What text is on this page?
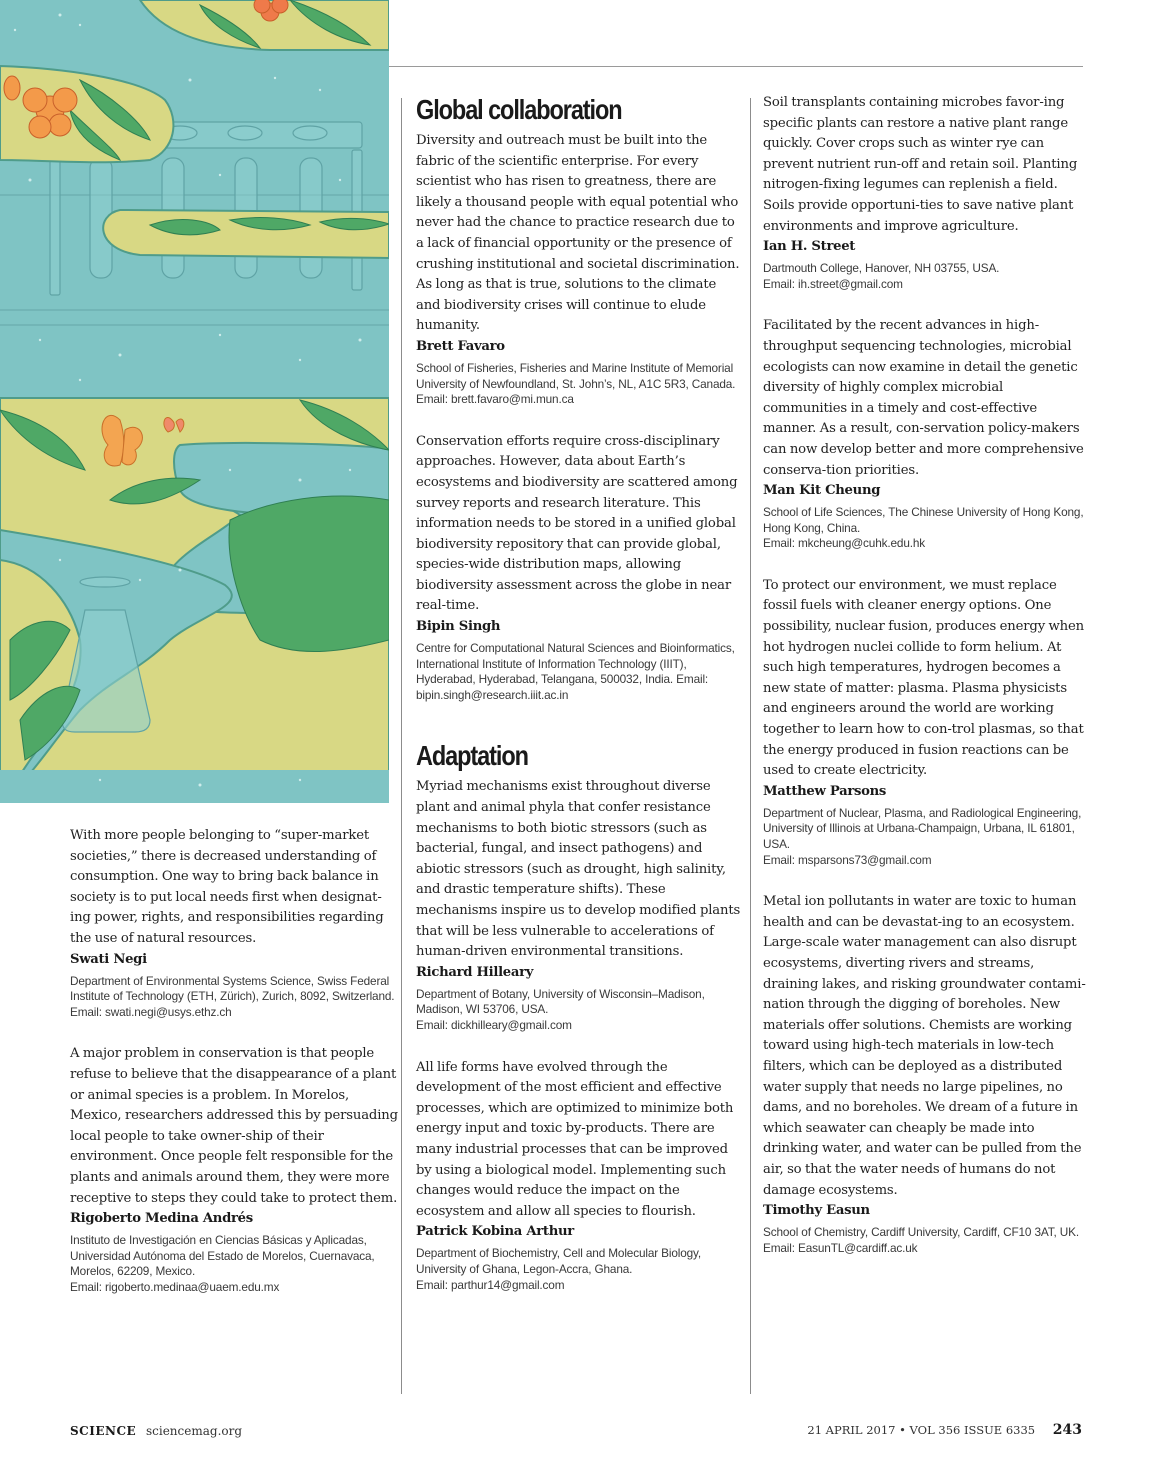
With more people belonging to “super-market societies,” there is decreased understanding of consumption. One way to bring back balance in society is to put local needs first when designat-ing power, rights, and responsibilities regarding the use of natural resources.

Swati Negi

Department of Environmental Systems Science, Swiss Federal Institute of Technology (ETH, Zürich), Zurich, 8092, Switzerland.
Email: swati.negi@usys.ethz.ch

A major problem in conservation is that people refuse to believe that the disappearance of a plant or animal species is a problem. In Morelos, Mexico, researchers addressed this by persuading local people to take owner-ship of their environment. Once people felt responsible for the plants and animals around them, they were more receptive to steps they could take to protect them.

Rigoberto Medina Andrés

Instituto de Investigación en Ciencias Básicas y Aplicadas, Universidad Autónoma del Estado de Morelos, Cuernavaca, Morelos, 62209, Mexico.
Email: rigoberto.medinaa@uaem.edu.mx

Global collaboration

Diversity and outreach must be built into the fabric of the scientific enterprise. For every scientist who has risen to greatness, there are likely a thousand people with equal potential who never had the chance to practice research due to a lack of financial opportunity or the presence of crushing institutional and societal discrimination. As long as that is true, solutions to the climate and biodiversity crises will continue to elude humanity.

Brett Favaro

School of Fisheries, Fisheries and Marine Institute of Memorial University of Newfoundland, St. John’s, NL, A1C 5R3, Canada. Email: brett.favaro@mi.mun.ca

Conservation efforts require cross-disciplinary approaches. However, data about Earth’s ecosystems and biodiversity are scattered among survey reports and research literature. This information needs to be stored in a unified global biodiversity repository that can provide global, species-wide distribution maps, allowing biodiversity assessment across the globe in near real-time.

Bipin Singh

Centre for Computational Natural Sciences and Bioinformatics, International Institute of Information Technology (IIIT), Hyderabad, Hyderabad, Telangana, 500032, India. Email: bipin.singh@research.iiit.ac.in

Adaptation

Myriad mechanisms exist throughout diverse plant and animal phyla that confer resistance mechanisms to both biotic stressors (such as bacterial, fungal, and insect pathogens) and abiotic stressors (such as drought, high salinity, and drastic temperature shifts). These mechanisms inspire us to develop modified plants that will be less vulnerable to accelerations of human-driven environmental transitions.

Richard Hilleary

Department of Botany, University of Wisconsin–Madison, Madison, WI 53706, USA.
Email: dickhilleary@gmail.com

All life forms have evolved through the development of the most efficient and effective processes, which are optimized to minimize both energy input and toxic by-products. There are many industrial processes that can be improved by using a biological model. Implementing such changes would reduce the impact on the ecosystem and allow all species to flourish.

Patrick Kobina Arthur

Department of Biochemistry, Cell and Molecular Biology, University of Ghana, Legon-Accra, Ghana.
Email: parthur14@gmail.com

Soil transplants containing microbes favor-ing specific plants can restore a native plant range quickly. Cover crops such as winter rye can prevent nutrient run-off and retain soil. Planting nitrogen-fixing legumes can replenish a field. Soils provide opportuni-ties to save native plant environments and improve agriculture.

Ian H. Street

Dartmouth College, Hanover, NH 03755, USA.
Email: ih.street@gmail.com

Facilitated by the recent advances in high-throughput sequencing technologies, microbial ecologists can now examine in detail the genetic diversity of highly complex microbial communities in a timely and cost-effective manner. As a result, con-servation policy-makers can now develop better and more comprehensive conserva-tion priorities.

Man Kit Cheung

School of Life Sciences, The Chinese University of Hong Kong, Hong Kong, China.
Email: mkcheung@cuhk.edu.hk

To protect our environment, we must replace fossil fuels with cleaner energy options. One possibility, nuclear fusion, produces energy when hot hydrogen nuclei collide to form helium. At such high temperatures, hydrogen becomes a new state of matter: plasma. Plasma physicists and engineers around the world are working together to learn how to con-trol plasmas, so that the energy produced in fusion reactions can be used to create electricity.

Matthew Parsons

Department of Nuclear, Plasma, and Radiological Engineering, University of Illinois at Urbana-Champaign, Urbana, IL 61801, USA.
Email: msparsons73@gmail.com

Metal ion pollutants in water are toxic to human health and can be devastat-ing to an ecosystem. Large-scale water management can also disrupt ecosystems, diverting rivers and streams, draining lakes, and risking groundwater contami-nation through the digging of boreholes. New materials offer solutions. Chemists are working toward using high-tech materials in low-tech filters, which can be deployed as a distributed water supply that needs no large pipelines, no dams, and no boreholes. We dream of a future in which seawater can cheaply be made into drinking water, and water can be pulled from the air, so that the water needs of humans do not damage ecosystems.

Timothy Easun

School of Chemistry, Cardiff University, Cardiff, CF10 3AT, UK. Email: EasunTL@cardiff.ac.uk

SCIENCE sciencemag.org	21 APRIL 2017 • VOL 356 ISSUE 6335 243
